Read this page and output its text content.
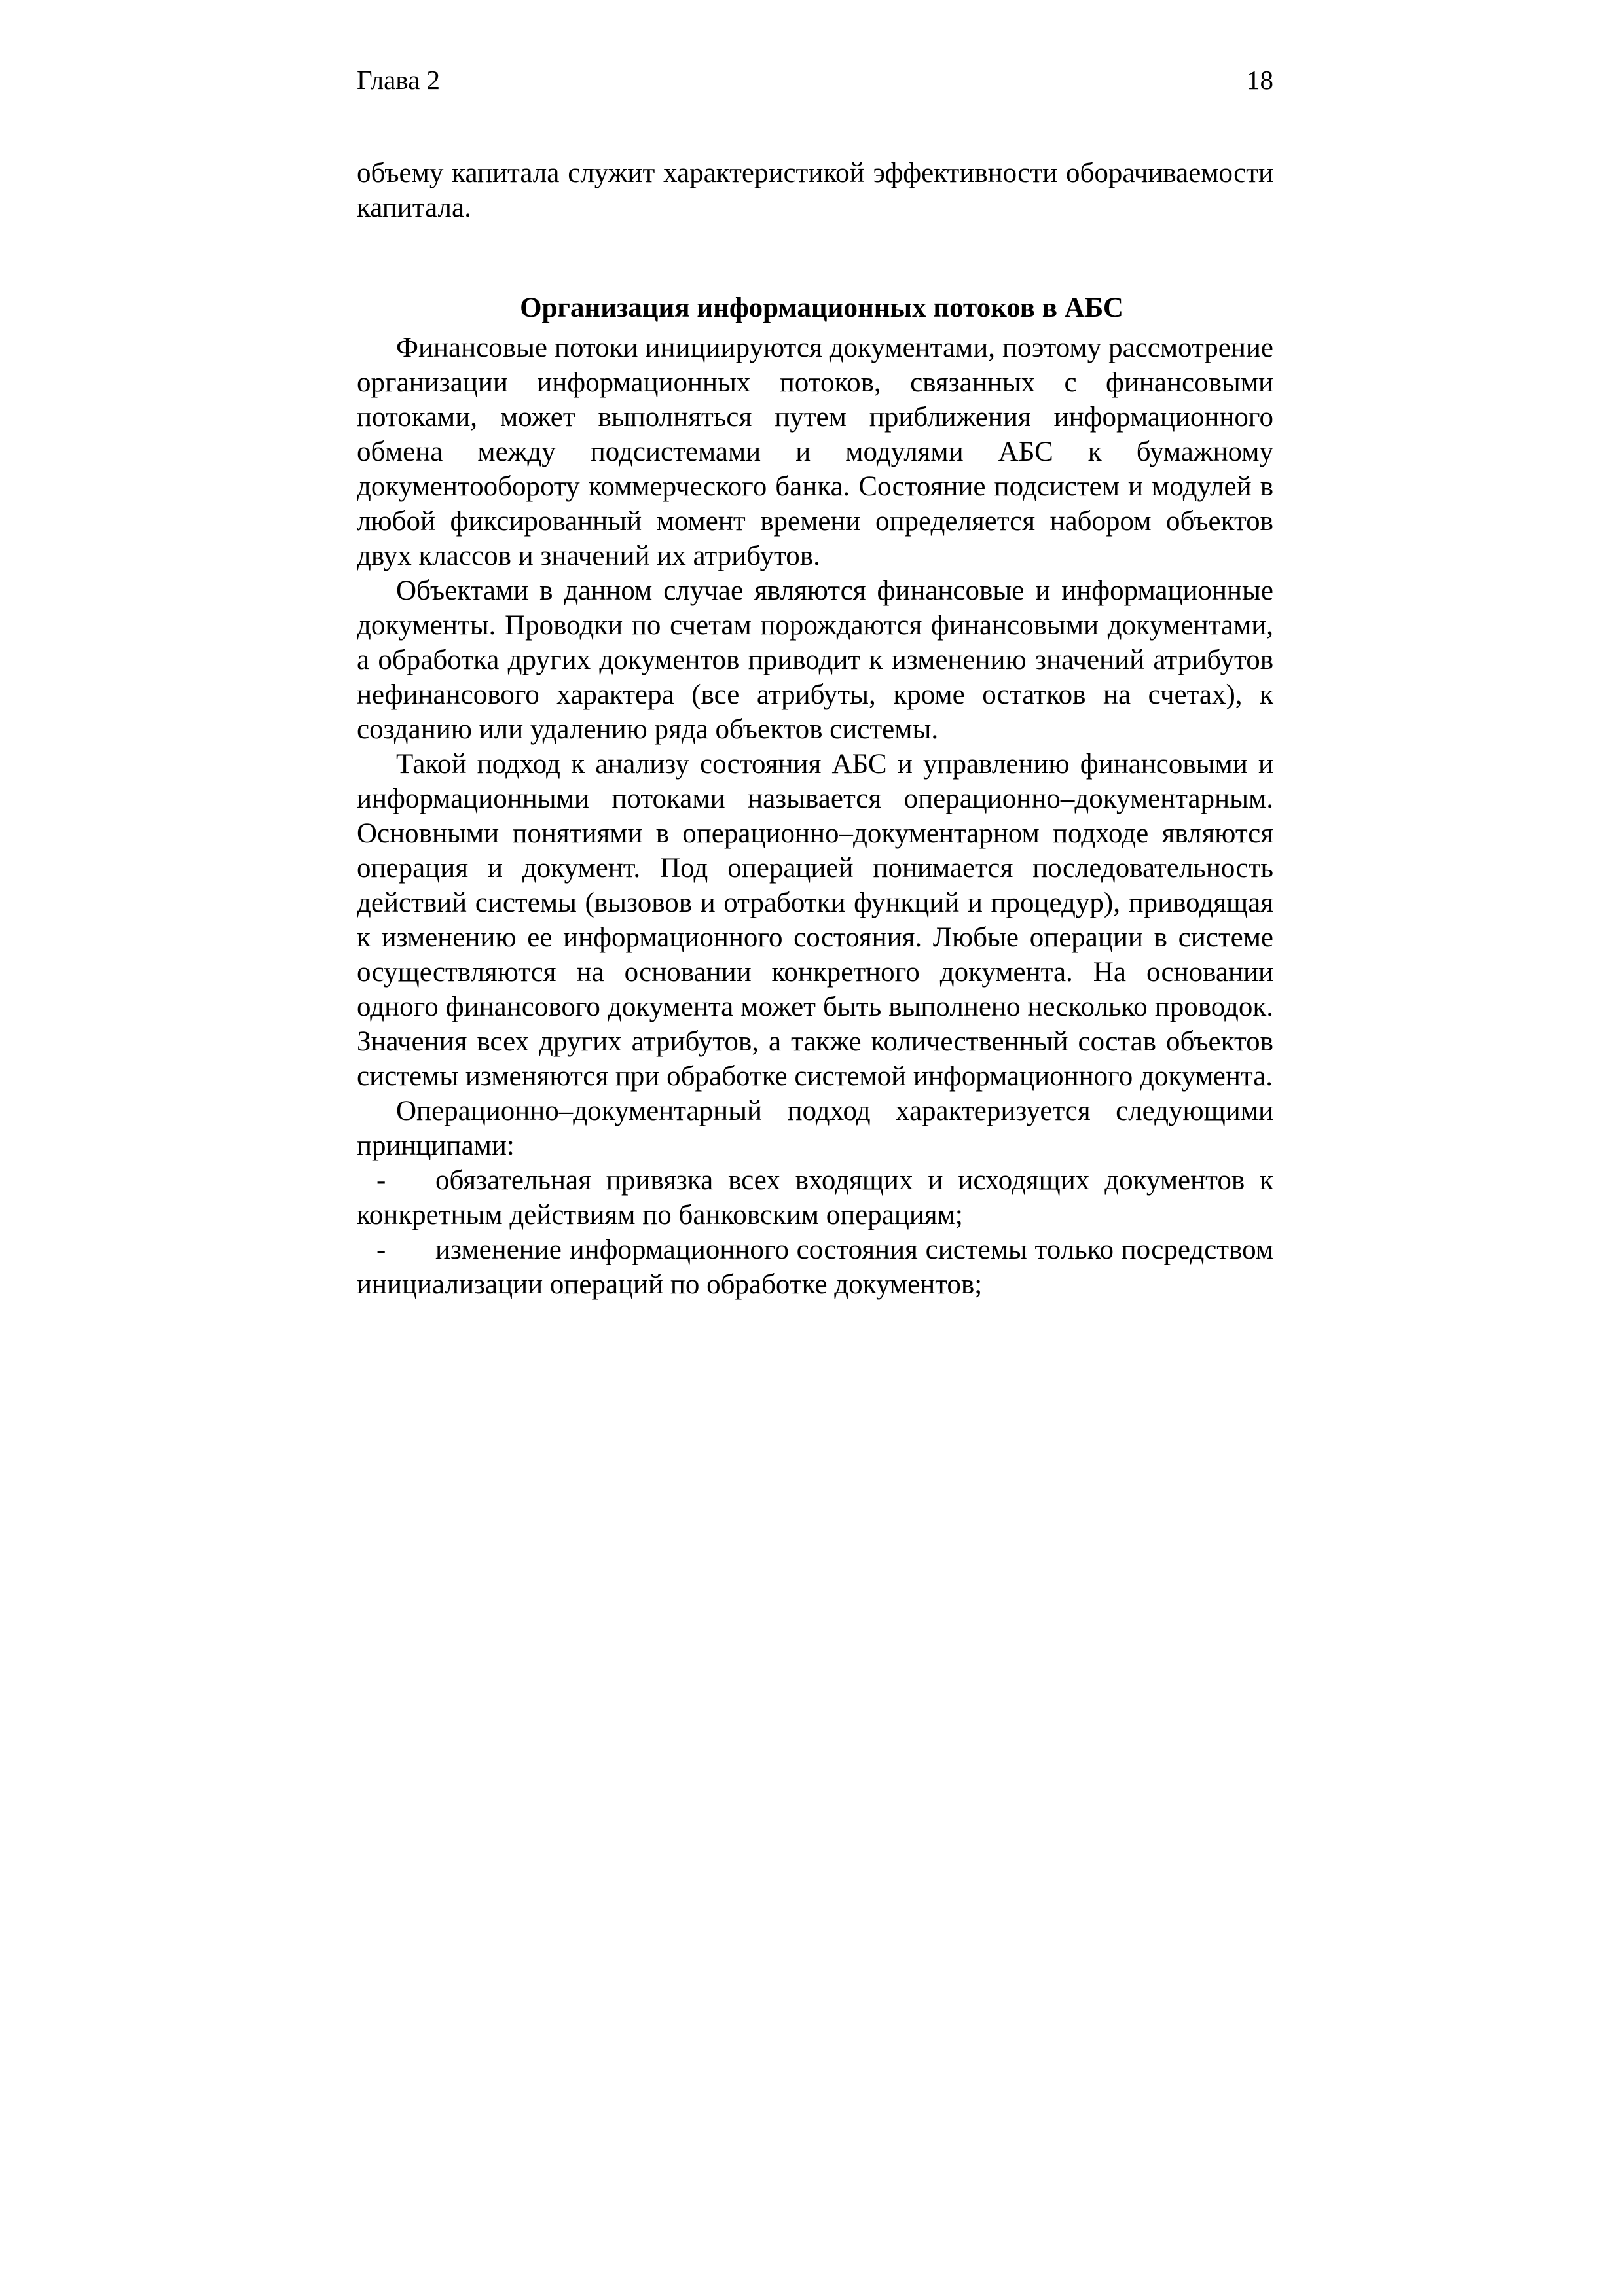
Глава 2	18

объему капитала служит характеристикой эффективности оборачиваемости капитала.

Организация информационных потоков в АБС

Финансовые потоки инициируются документами, поэтому рассмотрение организации информационных потоков, связанных с финансовыми потоками, может выполняться путем приближения информационного обмена между подсистемами и модулями АБС к бумажному документообороту коммерческого банка. Состояние подсистем и модулей в любой фиксированный момент времени определяется набором объектов двух классов и значений их атрибутов.

Объектами в данном случае являются финансовые и информационные документы. Проводки по счетам порождаются финансовыми документами, а обработка других документов приводит к изменению значений атрибутов нефинансового характера (все атрибуты, кроме остатков на счетах), к созданию или удалению ряда объектов системы.

Такой подход к анализу состояния АБС и управлению финансовыми и информационными потоками называется операционно–документарным. Основными понятиями в операционно–документарном подходе являются операция и документ. Под операцией понимается последовательность действий системы (вызовов и отработки функций и процедур), приводящая к изменению ее информационного состояния. Любые операции в системе осуществляются на основании конкретного документа. На основании одного финансового документа может быть выполнено несколько проводок. Значения всех других атрибутов, а также количественный состав объектов системы изменяются при обработке системой информационного документа.

Операционно–документарный подход характеризуется следующими принципами:

- обязательная привязка всех входящих и исходящих документов к конкретным действиям по банковским операциям;

- изменение информационного состояния системы только посредством инициализации операций по обработке документов;
